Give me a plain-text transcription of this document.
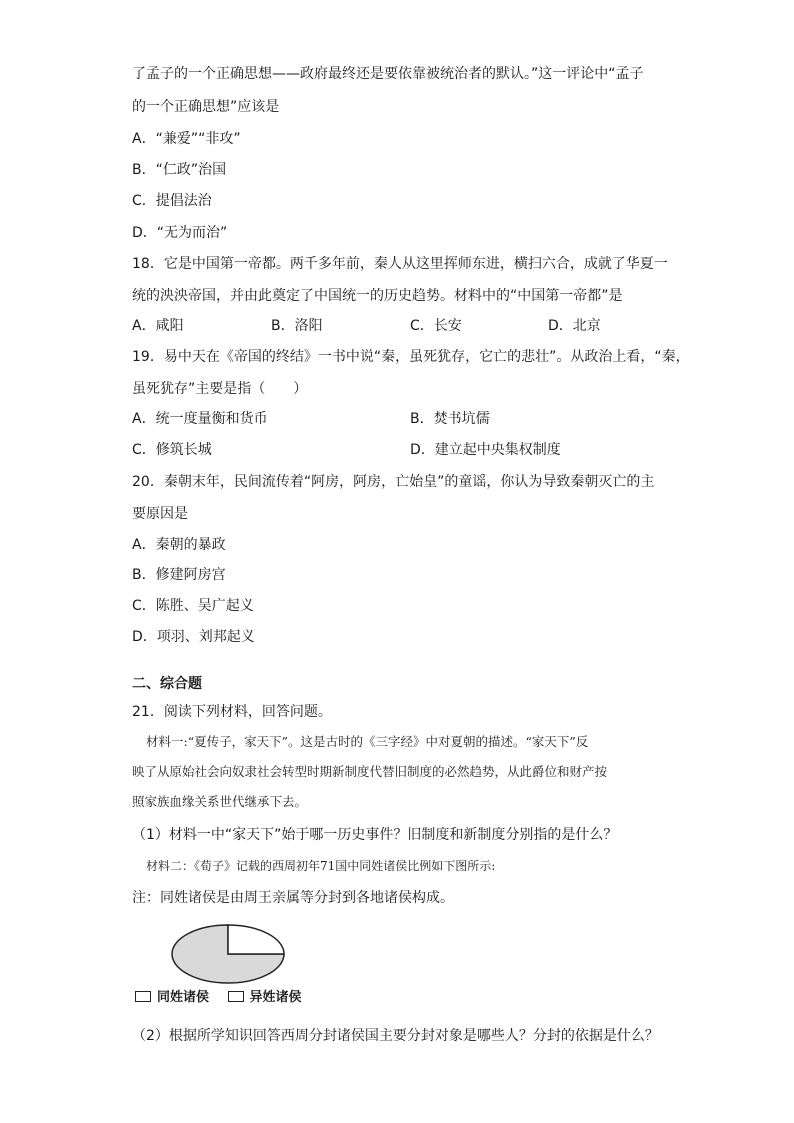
了孟子的一个正确思想——政府最终还是要依靠被统治者的默认。”这一评论中“孟子
的一个正确思想”应该是
A．“兼爱”“非攻”
B．“仁政”治国
C．提倡法治
D．“无为而治”
18．它是中国第一帝都。两千多年前，秦人从这里挥师东进，横扫六合，成就了华夏一
统的泱泱帝国，并由此奠定了中国统一的历史趋势。材料中的“中国第一帝都”是
A．咸阳	B．洛阳	C．长安	D．北京
19．易中天在《帝国的终结》一书中说“秦，虽死犹存，它亡的悲壮”。从政治上看，“秦，
虽死犹存”主要是指（　　）
A．统一度量衡和货币	B．焚书坑儒
C．修筑长城	D．建立起中央集权制度
20．秦朝末年，民间流传着“阿房，阿房，亡始皇”的童谣，你认为导致秦朝灭亡的主
要原因是
A．秦朝的暴政
B．修建阿房宫
C．陈胜、吴广起义
D．项羽、刘邦起义
二、综合题
21．阅读下列材料，回答问题。
材料一:“夏传子，家天下”。这是古时的《三字经》中对夏朝的描述。“家天下”反
映了从原始社会向奴隶社会转型时期新制度代替旧制度的必然趋势，从此爵位和财产按
照家族血缘关系世代继承下去。
（1）材料一中“家天下”始于哪一历史事件？旧制度和新制度分别指的是什么？
材料二：《荀子》记载的西周初年71国中同姓诸侯比例如下图所示:
注：同姓诸侯是由周王亲属等分封到各地诸侯构成。
同姓诸侯	异姓诸侯
（2）根据所学知识回答西周分封诸侯国主要分封对象是哪些人？分封的依据是什么？
